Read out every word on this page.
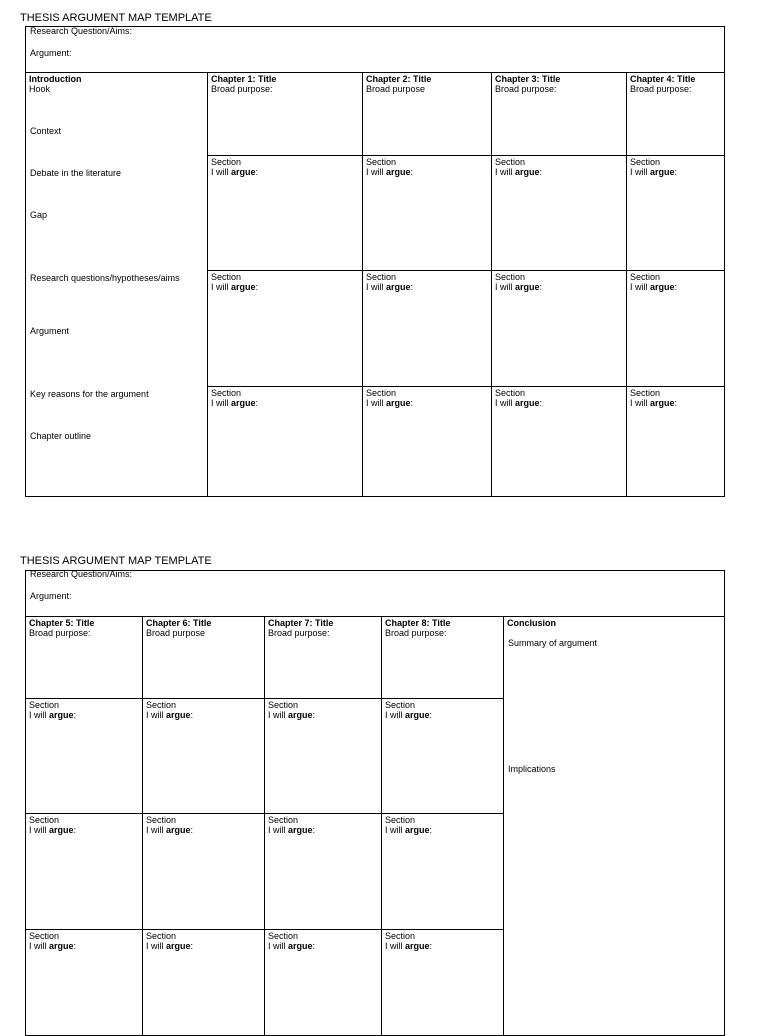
THESIS ARGUMENT MAP TEMPLATE
Research Question/Aims:
Argument:
Introduction
Hook
Context
Debate in the literature
Gap
Research questions/hypotheses/aims
Argument
Key reasons for the argument
Chapter outline
Chapter 1: Title
Broad purpose:
Chapter 2: Title
Broad purpose
Chapter 3: Title
Broad purpose:
Chapter 4: Title
Broad purpose:
Section
I will argue:
Section
I will argue:
Section
I will argue:
Section
I will argue:
Section
I will argue:
Section
I will argue:
Section
I will argue:
Section
I will argue:
Section
I will argue:
Section
I will argue:
Section
I will argue:
Section
I will argue:
THESIS ARGUMENT MAP TEMPLATE
Research Question/Aims:
Argument:
Chapter 5: Title
Broad purpose:
Chapter 6: Title
Broad purpose
Chapter 7: Title
Broad purpose:
Chapter 8: Title
Broad purpose:
Conclusion
Summary of argument
Implications
Section
I will argue:
Section
I will argue:
Section
I will argue:
Section
I will argue:
Section
I will argue:
Section
I will argue:
Section
I will argue:
Section
I will argue:
Section
I will argue:
Section
I will argue:
Section
I will argue:
Section
I will argue:
